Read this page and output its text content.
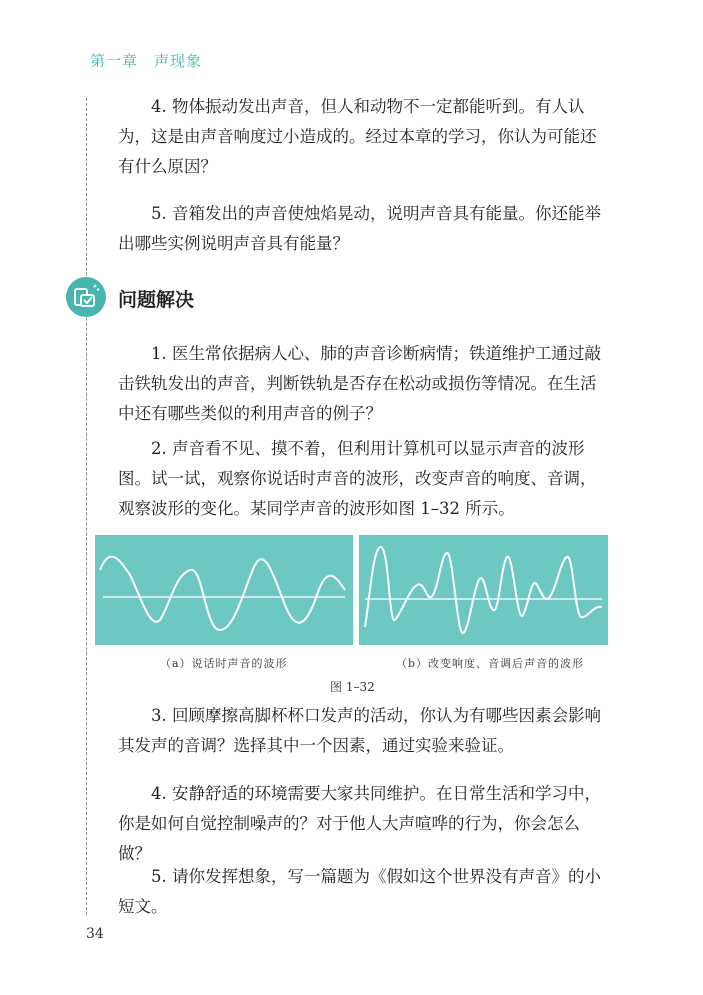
第一章　声现象
4. 物体振动发出声音，但人和动物不一定都能听到。有人认为，这是由声音响度过小造成的。经过本章的学习，你认为可能还有什么原因？
5. 音箱发出的声音使烛焰晃动，说明声音具有能量。你还能举出哪些实例说明声音具有能量？
问题解决
1. 医生常依据病人心、肺的声音诊断病情；铁道维护工通过敲击铁轨发出的声音，判断铁轨是否存在松动或损伤等情况。在生活中还有哪些类似的利用声音的例子？
2. 声音看不见、摸不着，但利用计算机可以显示声音的波形图。试一试，观察你说话时声音的波形，改变声音的响度、音调，观察波形的变化。某同学声音的波形如图 1–32 所示。
（a）说话时声音的波形	（b）改变响度、音调后声音的波形
图 1–32
3. 回顾摩擦高脚杯杯口发声的活动，你认为有哪些因素会影响其发声的音调？选择其中一个因素，通过实验来验证。
4. 安静舒适的环境需要大家共同维护。在日常生活和学习中，你是如何自觉控制噪声的？对于他人大声喧哗的行为，你会怎么做？
5. 请你发挥想象，写一篇题为《假如这个世界没有声音》的小短文。
34
